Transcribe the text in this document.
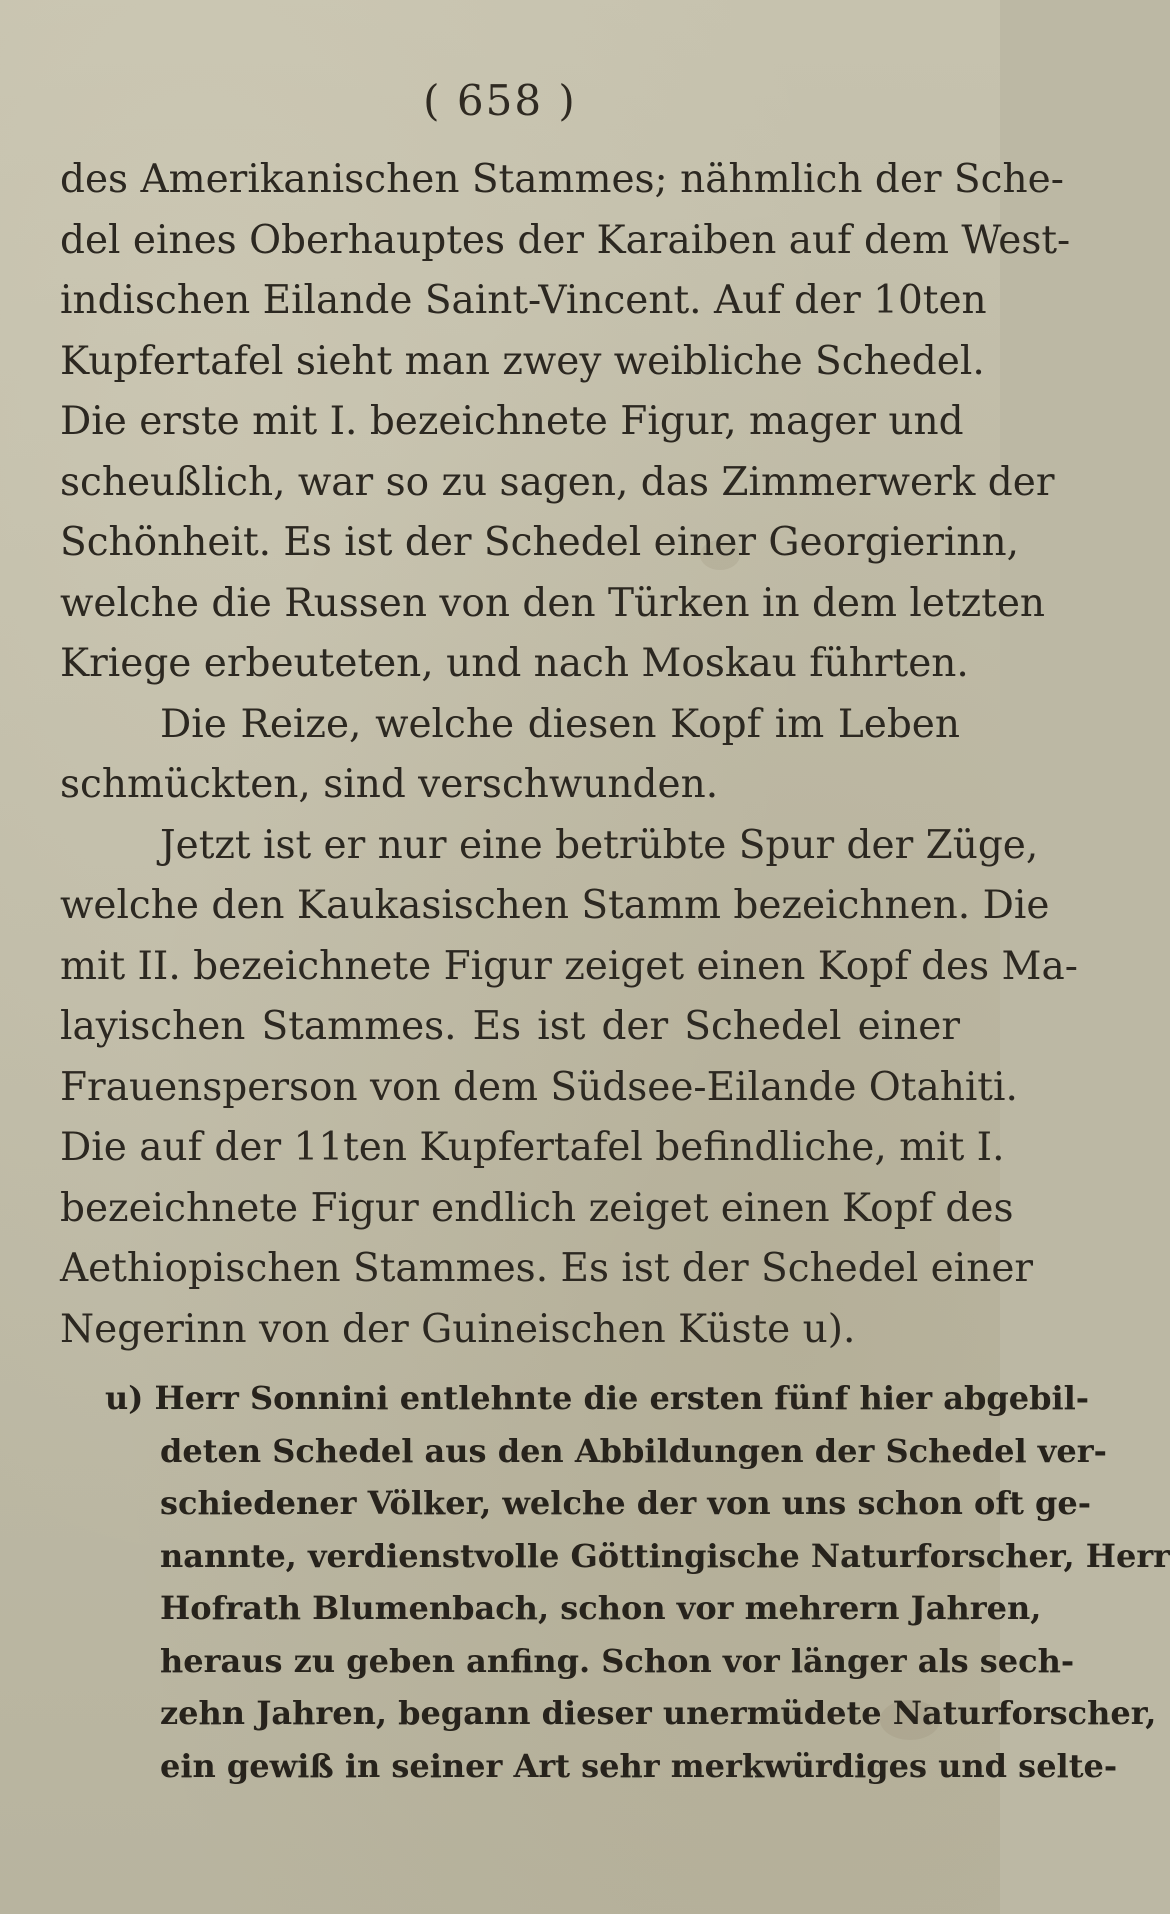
( 658 )
des Amerikanischen Stammes; nähmlich der Sche-
del eines Oberhauptes der Karaiben auf dem West-
indischen Eilande Saint-Vincent. Auf der 10ten
Kupfertafel sieht man zwey weibliche Schedel.
Die erste mit I. bezeichnete Figur, mager und
scheußlich, war so zu sagen, das Zimmerwerk der
Schönheit. Es ist der Schedel einer Georgierinn,
welche die Russen von den Türken in dem letzten
Kriege erbeuteten, und nach Moskau führten.
Die Reize, welche diesen Kopf im Leben
schmückten, sind verschwunden.
Jetzt ist er nur eine betrübte Spur der Züge,
welche den Kaukasischen Stamm bezeichnen. Die
mit II. bezeichnete Figur zeiget einen Kopf des Ma-
layischen Stammes. Es ist der Schedel einer
Frauensperson von dem Südsee-Eilande Otahiti.
Die auf der 11ten Kupfertafel befindliche, mit I.
bezeichnete Figur endlich zeiget einen Kopf des
Aethiopischen Stammes. Es ist der Schedel einer
Negerinn von der Guineischen Küste u).
u) Herr Sonnini entlehnte die ersten fünf hier abgebil-
deten Schedel aus den Abbildungen der Schedel ver-
schiedener Völker, welche der von uns schon oft ge-
nannte, verdienstvolle Göttingische Naturforscher, Herr
Hofrath Blumenbach, schon vor mehrern Jahren,
heraus zu geben anfing. Schon vor länger als sech-
zehn Jahren, begann dieser unermüdete Naturforscher,
ein gewiß in seiner Art sehr merkwürdiges und selte-
